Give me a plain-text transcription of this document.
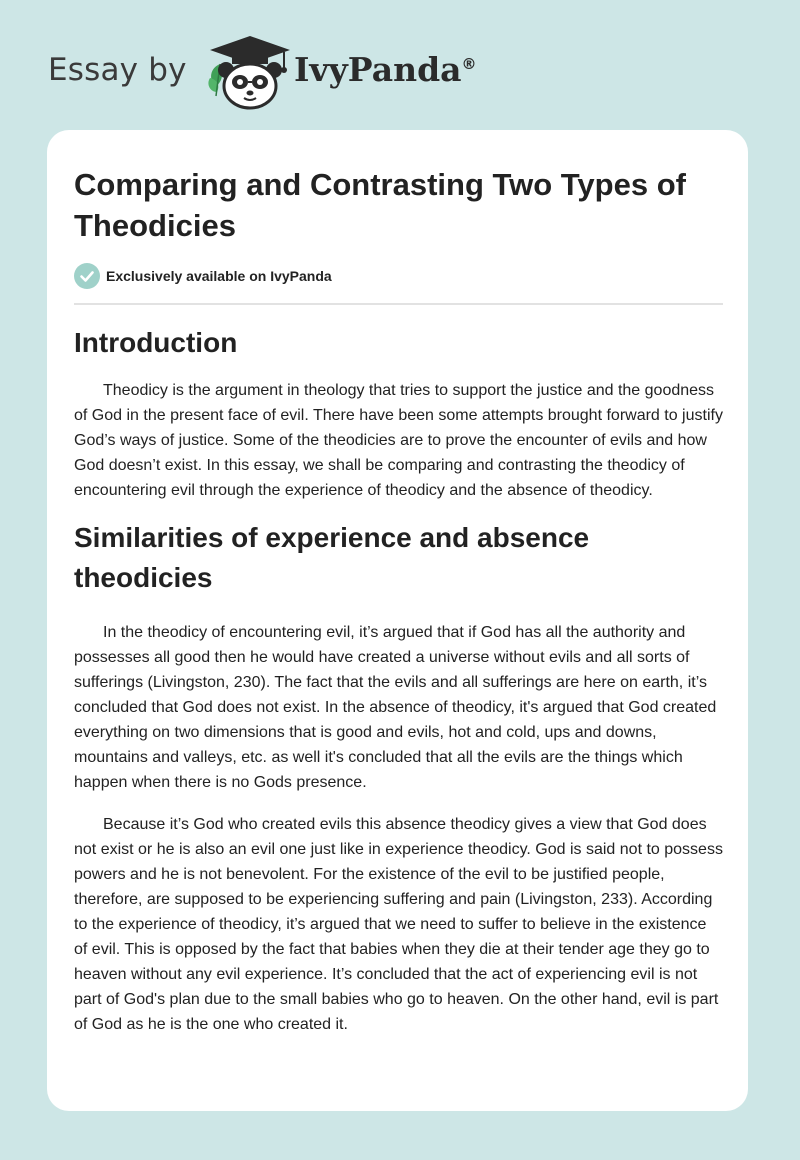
Essay by	IvyPanda®
Comparing and Contrasting Two Types of Theodicies
Exclusively available on IvyPanda
Introduction

Theodicy is the argument in theology that tries to support the justice and the goodness of God in the present face of evil. There have been some attempts brought forward to justify God’s ways of justice. Some of the theodicies are to prove the encounter of evils and how God doesn’t exist. In this essay, we shall be comparing and contrasting the theodicy of encountering evil through the experience of theodicy and the absence of theodicy.

Similarities of experience and absence theodicies

In the theodicy of encountering evil, it’s argued that if God has all the authority and possesses all good then he would have created a universe without evils and all sorts of sufferings (Livingston, 230). The fact that the evils and all sufferings are here on earth, it’s concluded that God does not exist. In the absence of theodicy, it's argued that God created everything on two dimensions that is good and evils, hot and cold, ups and downs, mountains and valleys, etc. as well it's concluded that all the evils are the things which happen when there is no Gods presence.

Because it’s God who created evils this absence theodicy gives a view that God does not exist or he is also an evil one just like in experience theodicy. God is said not to possess powers and he is not benevolent. For the existence of the evil to be justified people, therefore, are supposed to be experiencing suffering and pain (Livingston, 233). According to the experience of theodicy, it’s argued that we need to suffer to believe in the existence of evil. This is opposed by the fact that babies when they die at their tender age they go to heaven without any evil experience. It’s concluded that the act of experiencing evil is not part of God's plan due to the small babies who go to heaven. On the other hand, evil is part of God as he is the one who created it.
